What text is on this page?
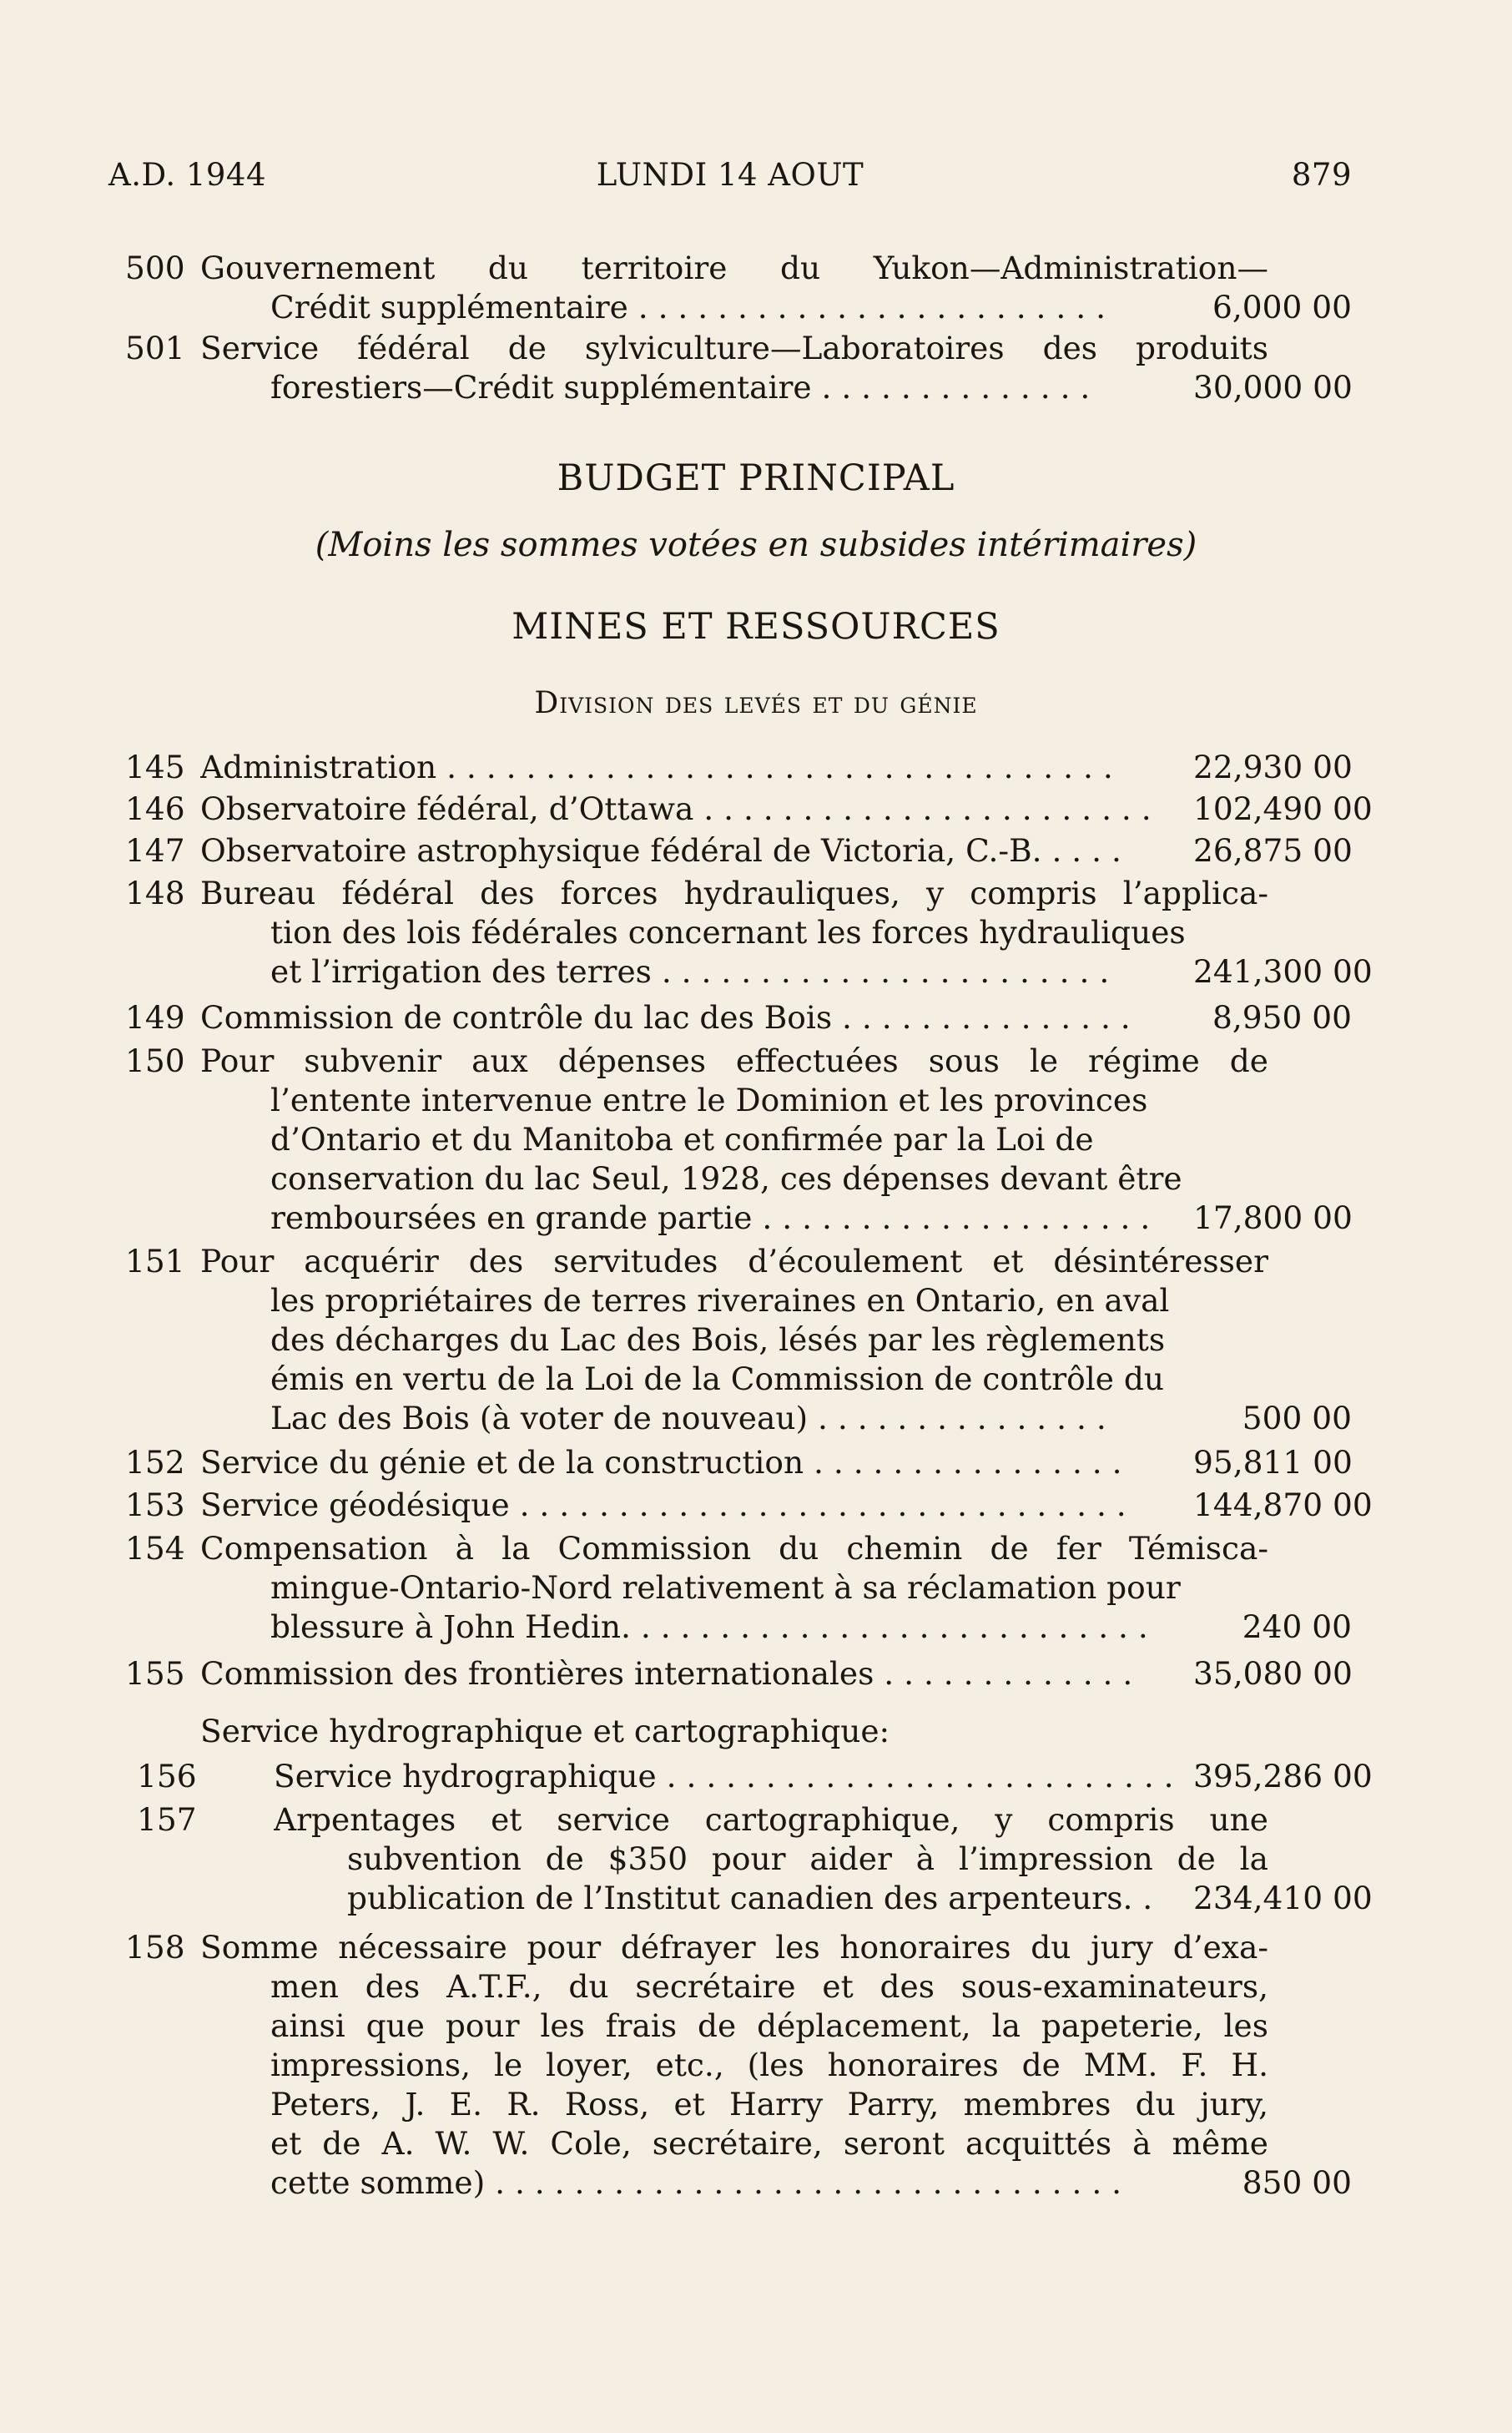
A.D. 1944	LUNDI 14 AOUT	879
500 Gouvernement du territoire du Yukon—Administration—
Crédit supplémentaire . . . . . . . . . . . . . . . . . . . . . . . .	6,000 00
501 Service fédéral de sylviculture—Laboratoires des produits
forestiers—Crédit supplémentaire . . . . . . . . . . . . . .	30,000 00
BUDGET PRINCIPAL
(Moins les sommes votées en subsides intérimaires)
MINES ET RESSOURCES
Division des levés et du génie
145 Administration . . . . . . . . . . . . . . . . . . . . . . . . . . . . . . . . . .	22,930 00
146 Observatoire fédéral, d’Ottawa . . . . . . . . . . . . . . . . . . . . . . .	102,490 00
147 Observatoire astrophysique fédéral de Victoria, C.-B. . . . .	26,875 00
148 Bureau fédéral des forces hydrauliques, y compris l’applica-
tion des lois fédérales concernant les forces hydrauliques
et l’irrigation des terres . . . . . . . . . . . . . . . . . . . . . . .	241,300 00
149 Commission de contrôle du lac des Bois . . . . . . . . . . . . . . .	8,950 00
150 Pour subvenir aux dépenses effectuées sous le régime de
l’entente intervenue entre le Dominion et les provinces
d’Ontario et du Manitoba et confirmée par la Loi de
conservation du lac Seul, 1928, ces dépenses devant être
remboursées en grande partie . . . . . . . . . . . . . . . . . . . .	17,800 00
151 Pour acquérir des servitudes d’écoulement et désintéresser
les propriétaires de terres riveraines en Ontario, en aval
des décharges du Lac des Bois, lésés par les règlements
émis en vertu de la Loi de la Commission de contrôle du
Lac des Bois (à voter de nouveau) . . . . . . . . . . . . . . .	500 00
152 Service du génie et de la construction . . . . . . . . . . . . . . . .	95,811 00
153 Service géodésique . . . . . . . . . . . . . . . . . . . . . . . . . . . . . . .	144,870 00
154 Compensation à la Commission du chemin de fer Témisca-
mingue-Ontario-Nord relativement à sa réclamation pour
blessure à John Hedin. . . . . . . . . . . . . . . . . . . . . . . . . . .	240 00
155 Commission des frontières internationales . . . . . . . . . . . . .	35,080 00
Service hydrographique et cartographique:
156 Service hydrographique . . . . . . . . . . . . . . . . . . . . . . . . . . 395,286 00
157 Arpentages et service cartographique, y compris une
subvention de $350 pour aider à l’impression de la
publication de l’Institut canadien des arpenteurs. .	234,410 00
158 Somme nécessaire pour défrayer les honoraires du jury d’exa-
men des A.T.F., du secrétaire et des sous-examinateurs,
ainsi que pour les frais de déplacement, la papeterie, les
impressions, le loyer, etc., (les honoraires de MM. F. H.
Peters, J. E. R. Ross, et Harry Parry, membres du jury,
et de A. W. W. Cole, secrétaire, seront acquittés à même
cette somme) . . . . . . . . . . . . . . . . . . . . . . . . . . . . . . . .	850 00
